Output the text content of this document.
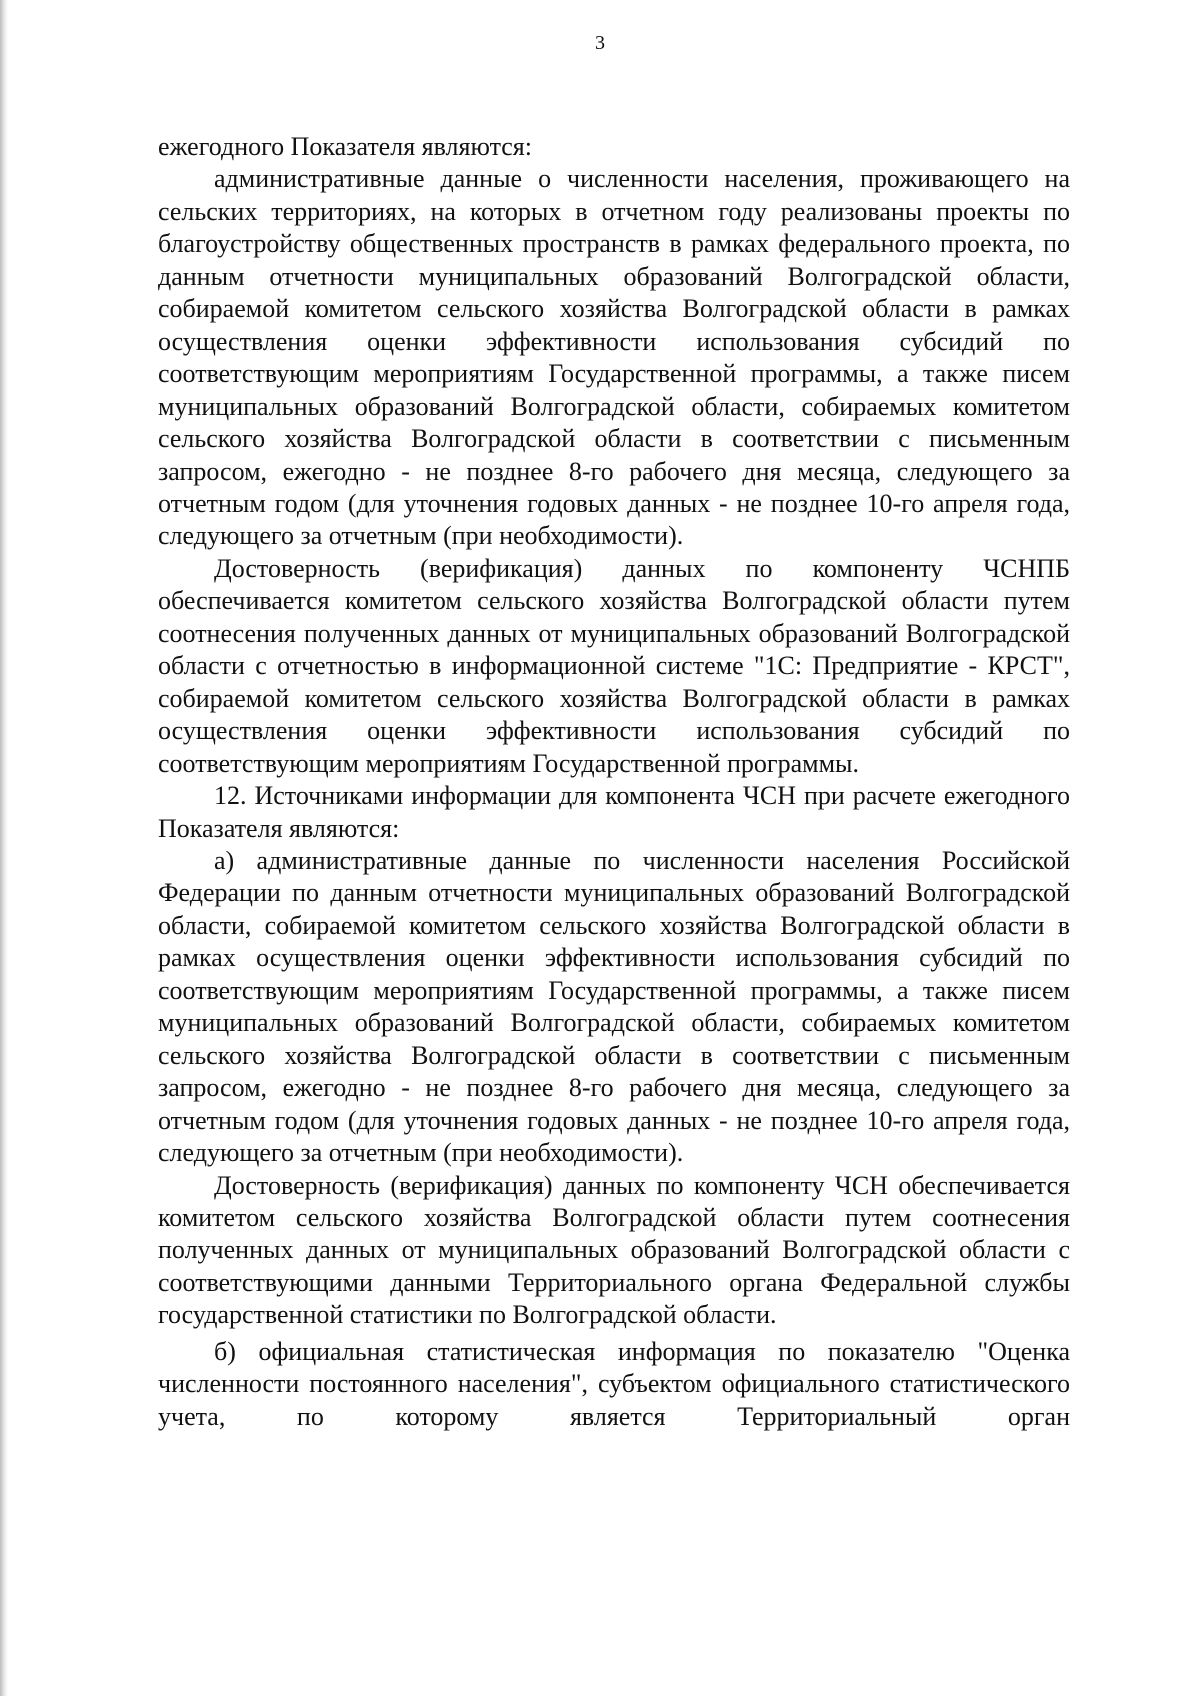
3

ежегодного Показателя являются:

административные данные о численности населения, проживающего на сельских территориях, на которых в отчетном году реализованы проекты по благоустройству общественных пространств в рамках федерального проекта, по данным отчетности муниципальных образований Волгоградской области, собираемой комитетом сельского хозяйства Волгоградской области в рамках осуществления оценки эффективности использования субсидий по соответствующим мероприятиям Государственной программы, а также писем муниципальных образований Волгоградской области, собираемых комитетом сельского хозяйства Волгоградской области в соответствии с письменным запросом, ежегодно - не позднее 8-го рабочего дня месяца, следующего за отчетным годом (для уточнения годовых данных - не позднее 10-го апреля года, следующего за отчетным (при необходимости).

Достоверность (верификация) данных по компоненту ЧСНПБ обеспечивается комитетом сельского хозяйства Волгоградской области путем соотнесения полученных данных от муниципальных образований Волгоградской области с отчетностью в информационной системе "1С: Предприятие - КРСТ", собираемой комитетом сельского хозяйства Волгоградской области в рамках осуществления оценки эффективности использования субсидий по соответствующим мероприятиям Государственной программы.

12. Источниками информации для компонента ЧСН при расчете ежегодного Показателя являются:

а) административные данные по численности населения Российской Федерации по данным отчетности муниципальных образований Волгоградской области, собираемой комитетом сельского хозяйства Волгоградской области в рамках осуществления оценки эффективности использования субсидий по соответствующим мероприятиям Государственной программы, а также писем муниципальных образований Волгоградской области, собираемых комитетом сельского хозяйства Волгоградской области в соответствии с письменным запросом, ежегодно - не позднее 8-го рабочего дня месяца, следующего за отчетным годом (для уточнения годовых данных - не позднее 10-го апреля года, следующего за отчетным (при необходимости).

Достоверность (верификация) данных по компоненту ЧСН обеспечивается комитетом сельского хозяйства Волгоградской области путем соотнесения полученных данных от муниципальных образований Волгоградской области с соответствующими данными Территориального органа Федеральной службы государственной статистики по Волгоградской области.

б) официальная статистическая информация по показателю "Оценка численности постоянного населения", субъектом официального статистического учета, по которому является Территориальный орган
